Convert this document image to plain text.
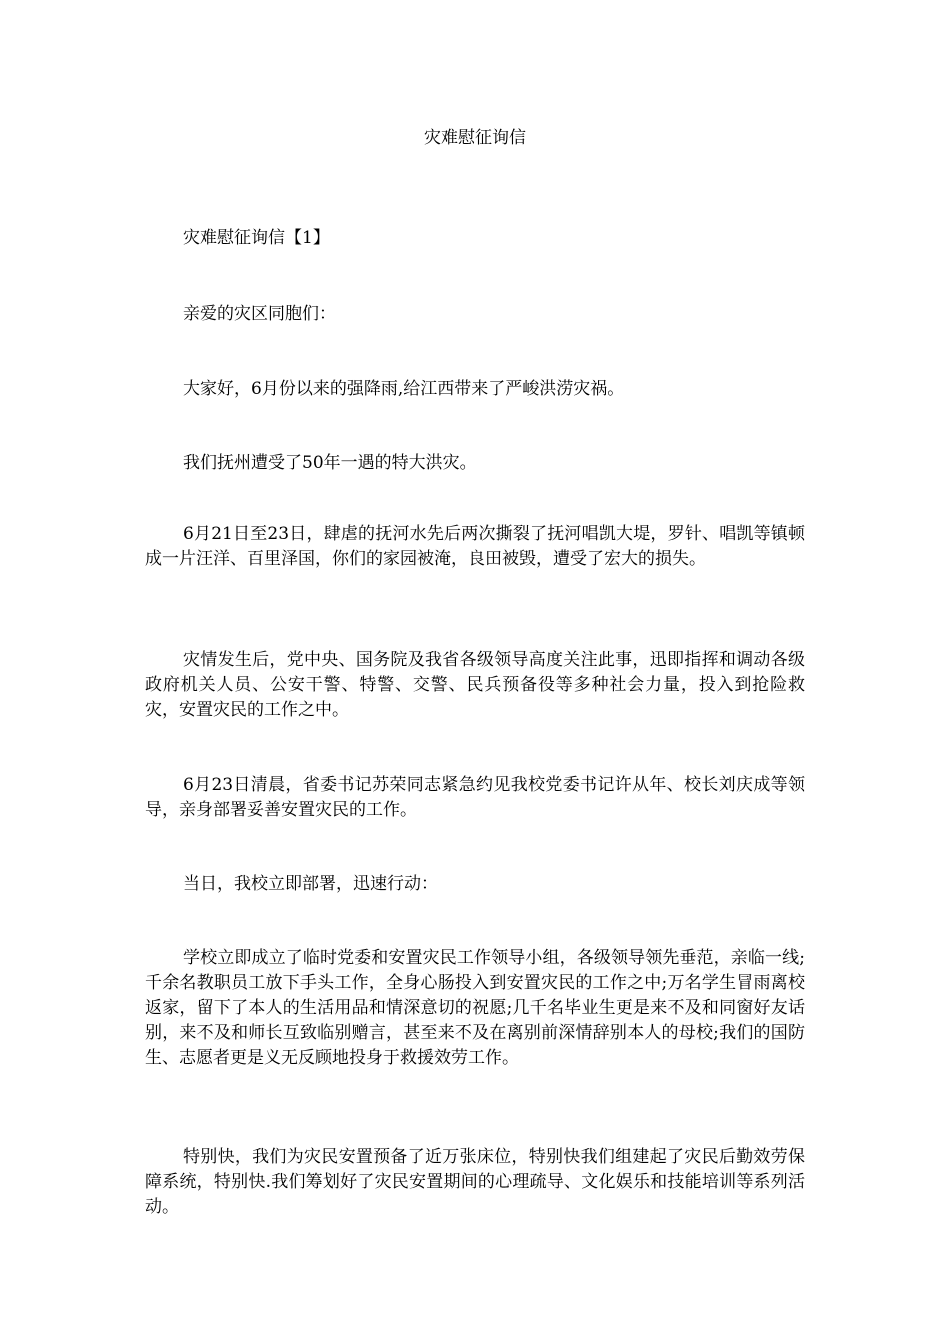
灾难慰征询信

灾难慰征询信【1】

亲爱的灾区同胞们：

大家好，6月份以来的强降雨,给江西带来了严峻洪涝灾祸。

我们抚州遭受了50年一遇的特大洪灾。

6月21日至23日，肆虐的抚河水先后两次撕裂了抚河唱凯大堤，罗针、唱凯等镇顿成一片汪洋、百里泽国，你们的家园被淹，良田被毁，遭受了宏大的损失。

灾情发生后，党中央、国务院及我省各级领导高度关注此事，迅即指挥和调动各级政府机关人员、公安干警、特警、交警、民兵预备役等多种社会力量，投入到抢险救灾，安置灾民的工作之中。

6月23日清晨，省委书记苏荣同志紧急约见我校党委书记许从年、校长刘庆成等领导，亲身部署妥善安置灾民的工作。

当日，我校立即部署，迅速行动：

学校立即成立了临时党委和安置灾民工作领导小组，各级领导领先垂范，亲临一线;千余名教职员工放下手头工作，全身心肠投入到安置灾民的工作之中;万名学生冒雨离校返家，留下了本人的生活用品和情深意切的祝愿;几千名毕业生更是来不及和同窗好友话别，来不及和师长互致临别赠言，甚至来不及在离别前深情辞别本人的母校;我们的国防生、志愿者更是义无反顾地投身于救援效劳工作。

特别快，我们为灾民安置预备了近万张床位，特别快我们组建起了灾民后勤效劳保障系统，特别快.我们筹划好了灾民安置期间的心理疏导、文化娱乐和技能培训等系列活动。
